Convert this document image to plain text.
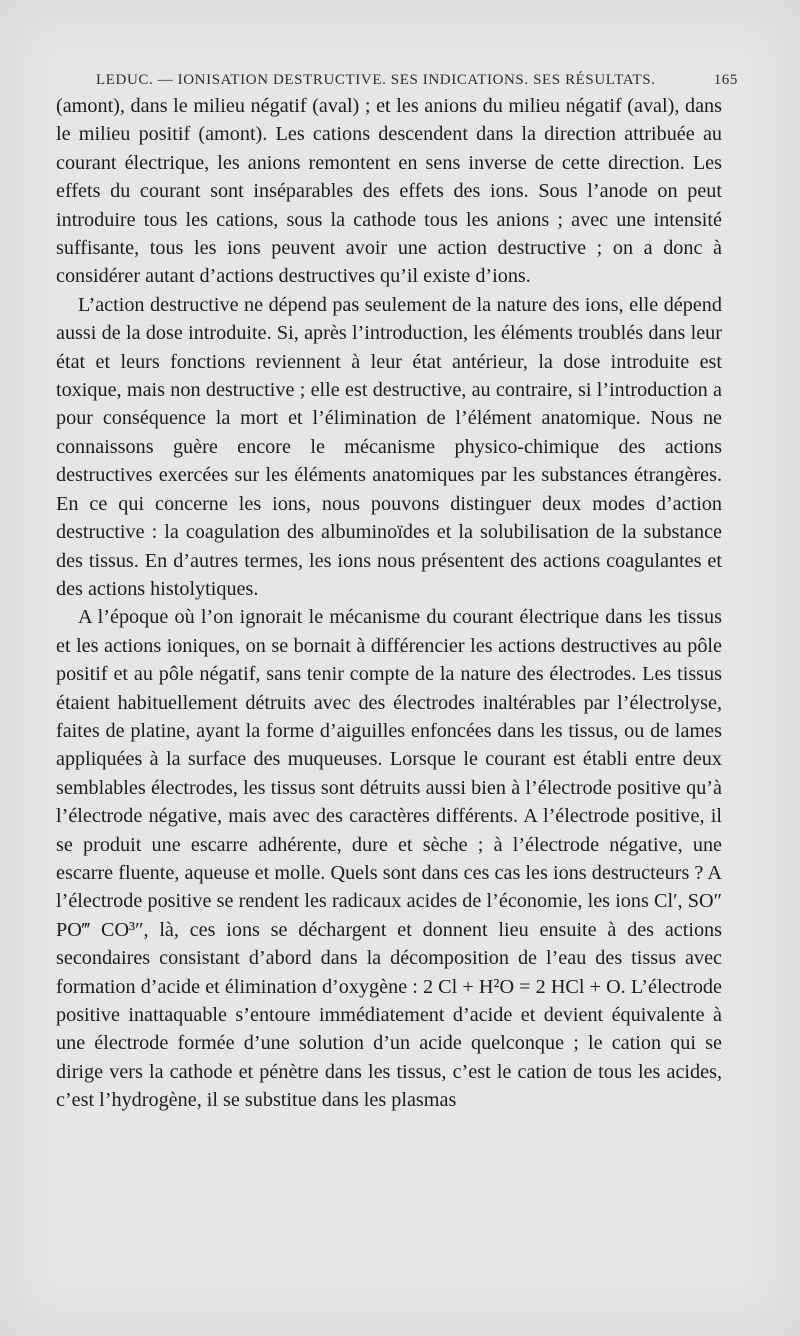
LEDUC. — IONISATION DESTRUCTIVE. SES INDICATIONS. SES RÉSULTATS.	165

(amont), dans le milieu négatif (aval) ; et les anions du milieu négatif (aval), dans le milieu positif (amont). Les cations descendent dans la direction attribuée au courant électrique, les anions remontent en sens inverse de cette direction. Les effets du courant sont inséparables des effets des ions. Sous l’anode on peut introduire tous les cations, sous la cathode tous les anions ; avec une intensité suffisante, tous les ions peuvent avoir une action destructive ; on a donc à considérer autant d’actions destructives qu’il existe d’ions.

L’action destructive ne dépend pas seulement de la nature des ions, elle dépend aussi de la dose introduite. Si, après l’introduction, les éléments troublés dans leur état et leurs fonctions reviennent à leur état antérieur, la dose introduite est toxique, mais non destructive ; elle est destructive, au contraire, si l’introduction a pour conséquence la mort et l’élimination de l’élément anatomique. Nous ne connaissons guère encore le mécanisme physico-chimique des actions destructives exercées sur les éléments anatomiques par les substances étrangères. En ce qui concerne les ions, nous pouvons distinguer deux modes d’action destructive : la coagulation des albuminoïdes et la solubilisation de la substance des tissus. En d’autres termes, les ions nous présentent des actions coagulantes et des actions histolytiques.

A l’époque où l’on ignorait le mécanisme du courant électrique dans les tissus et les actions ioniques, on se bornait à différencier les actions destructives au pôle positif et au pôle négatif, sans tenir compte de la nature des électrodes. Les tissus étaient habituellement détruits avec des électrodes inaltérables par l’électrolyse, faites de platine, ayant la forme d’aiguilles enfoncées dans les tissus, ou de lames appliquées à la surface des muqueuses. Lorsque le courant est établi entre deux semblables électrodes, les tissus sont détruits aussi bien à l’électrode positive qu’à l’électrode négative, mais avec des caractères différents. A l’électrode positive, il se produit une escarre adhérente, dure et sèche ; à l’électrode négative, une escarre fluente, aqueuse et molle. Quels sont dans ces cas les ions destructeurs ? A l’électrode positive se rendent les radicaux acides de l’économie, les ions Cl′, SO″ PO‴ CO³″, là, ces ions se déchargent et donnent lieu ensuite à des actions secondaires consistant d’abord dans la décomposition de l’eau des tissus avec formation d’acide et élimination d’oxygène : 2 Cl + H²O = 2 HCl + O. L’électrode positive inattaquable s’entoure immédiatement d’acide et devient équivalente à une électrode formée d’une solution d’un acide quelconque ; le cation qui se dirige vers la cathode et pénètre dans les tissus, c’est le cation de tous les acides, c’est l’hydrogène, il se substitue dans les plasmas
